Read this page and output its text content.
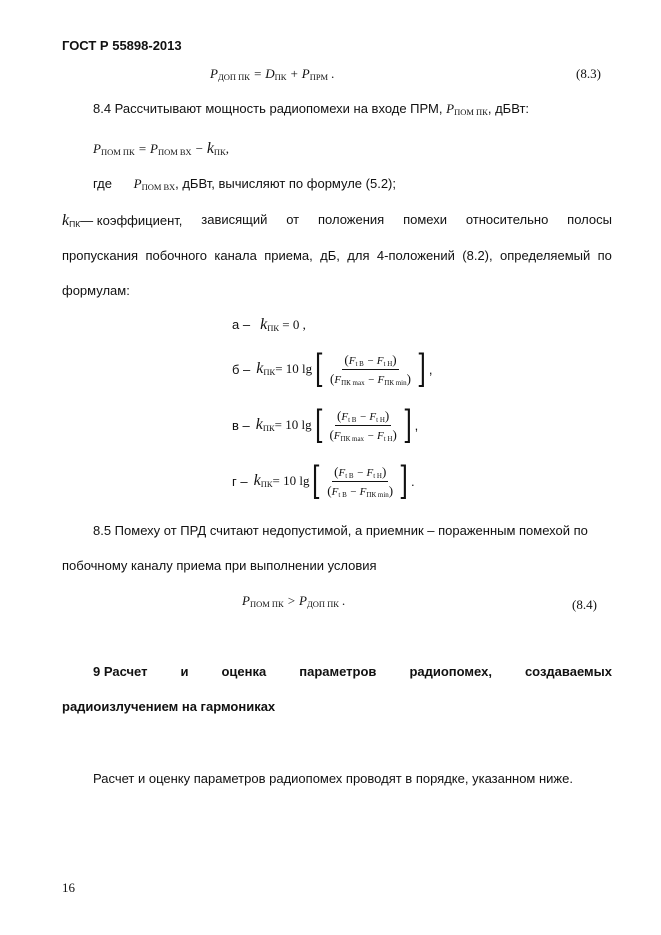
ГОСТ Р 55898-2013
PДОП ПК = DПК + PПРМ .	(8.3)
8.4 Рассчитывают мощность радиопомехи на входе ПРМ, PПОМ ПК, дБВт:
PПОМ ПК = PПОМ ВХ − kПК,
где PПОМ ВХ, дБВт, вычисляют по формуле (5.2);
kПК— коэффициент, зависящий от положения помехи относительно полосы
пропускания побочного канала приема, дБ, для 4-положений (8.2), определяемый по
формулам:
а – kПК = 0 ,
б – kПК = 10 lg [ $\frac{\text{(Ft В − Ft Н)}}{\text{(FПК max − FПК min)}}$ ] ,
в – kПК = 10 lg [ $\frac{\text{(Ft В − Ft Н)}}{\text{(FПК max − Ft Н)}}$ ] ,
г – kПК = 10 lg [ $\frac{\text{(Ft В − Ft Н)}}{\text{(Ft В − FПК min)}}$ ] .
8.5 Помеху от ПРД считают недопустимой, а приемник – пораженным помехой по
побочному каналу приема при выполнении условия
PПОМ ПК > PДОП ПК .	(8.4)
9 Расчет	и	оценка	параметров	радиопомех,	создаваемых
радиоизлучением на гармониках
Расчет и оценку параметров радиопомех проводят в порядке, указанном ниже.
16
